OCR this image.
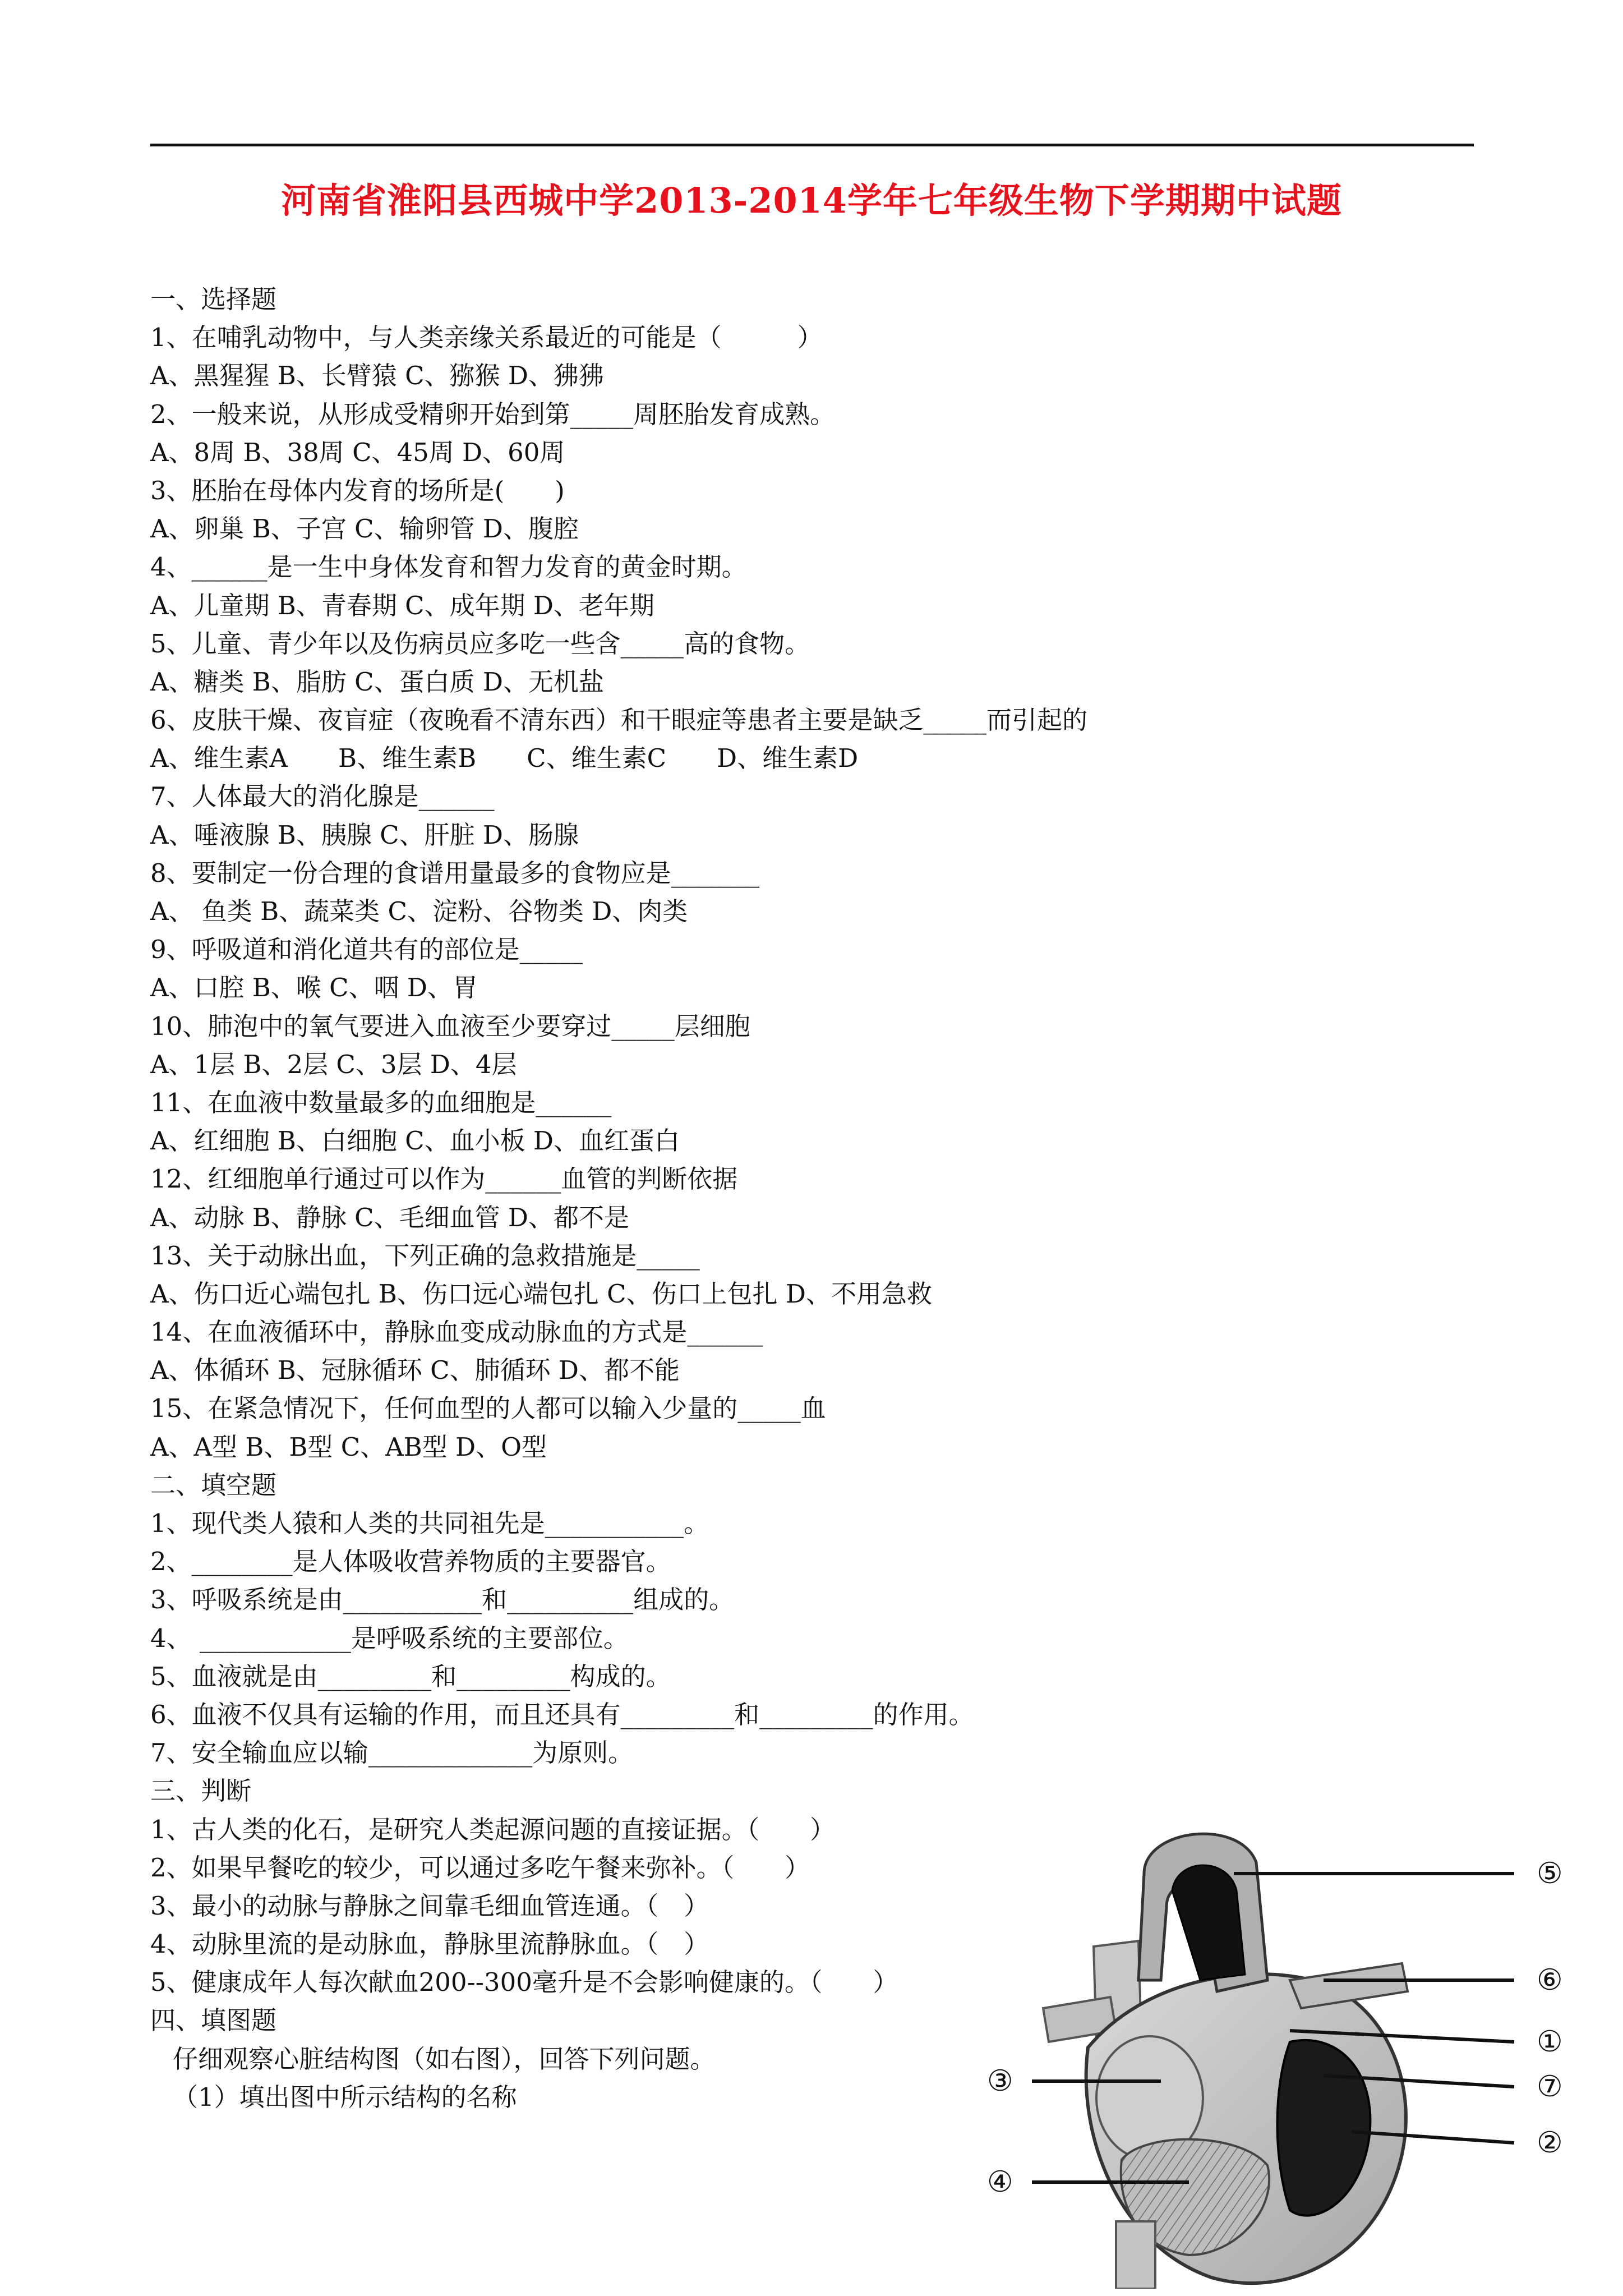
河南省淮阳县西城中学2013-2014学年七年级生物下学期期中试题
一、选择题
1、在哺乳动物中，与人类亲缘关系最近的可能是（　　　）
A、黑猩猩 B、长臂猿 C、猕猴 D、狒狒
2、一般来说，从形成受精卵开始到第_____周胚胎发育成熟。
A、8周 B、38周 C、45周 D、60周
3、胚胎在母体内发育的场所是(　　)
A、卵巢 B、子宫 C、输卵管 D、腹腔
4、______是一生中身体发育和智力发育的黄金时期。
A、儿童期 B、青春期 C、成年期 D、老年期
5、儿童、青少年以及伤病员应多吃一些含_____高的食物。
A、糖类 B、脂肪 C、蛋白质 D、无机盐
6、皮肤干燥、夜盲症（夜晚看不清东西）和干眼症等患者主要是缺乏_____而引起的
A、维生素A　　B、维生素B　　C、维生素C　　D、维生素D
7、人体最大的消化腺是______
A、唾液腺 B、胰腺 C、肝脏 D、肠腺
8、要制定一份合理的食谱用量最多的食物应是_______
A、 鱼类 B、蔬菜类 C、淀粉、谷物类 D、肉类
9、呼吸道和消化道共有的部位是_____
A、口腔 B、喉 C、咽 D、胃
10、肺泡中的氧气要进入血液至少要穿过_____层细胞
A、1层 B、2层 C、3层 D、4层
11、在血液中数量最多的血细胞是______
A、红细胞 B、白细胞 C、血小板 D、血红蛋白
12、红细胞单行通过可以作为______血管的判断依据
A、动脉 B、静脉 C、毛细血管 D、都不是
13、关于动脉出血，下列正确的急救措施是_____
A、伤口近心端包扎 B、伤口远心端包扎 C、伤口上包扎 D、不用急救
14、在血液循环中，静脉血变成动脉血的方式是______
A、体循环 B、冠脉循环 C、肺循环 D、都不能
15、在紧急情况下，任何血型的人都可以输入少量的_____血
A、A型 B、B型 C、AB型 D、O型
二、填空题
1、现代类人猿和人类的共同祖先是___________。
2、________是人体吸收营养物质的主要器官。
3、呼吸系统是由___________和__________组成的。
4、 ____________是呼吸系统的主要部位。
5、血液就是由_________和_________构成的。
6、血液不仅具有运输的作用，而且还具有_________和_________的作用。
7、安全输血应以输_____________为原则。
三、判断
1、古人类的化石，是研究人类起源问题的直接证据。（　　）
2、如果早餐吃的较少，可以通过多吃午餐来弥补。（　　）
3、最小的动脉与静脉之间靠毛细血管连通。（　）
4、动脉里流的是动脉血，静脉里流静脉血。（　）
5、健康成年人每次献血200--300毫升是不会影响健康的。（　　）
四、填图题
仔细观察心脏结构图（如右图），回答下列问题。
（1）填出图中所示结构的名称
⑤
⑥
①
⑦
②
③
④
